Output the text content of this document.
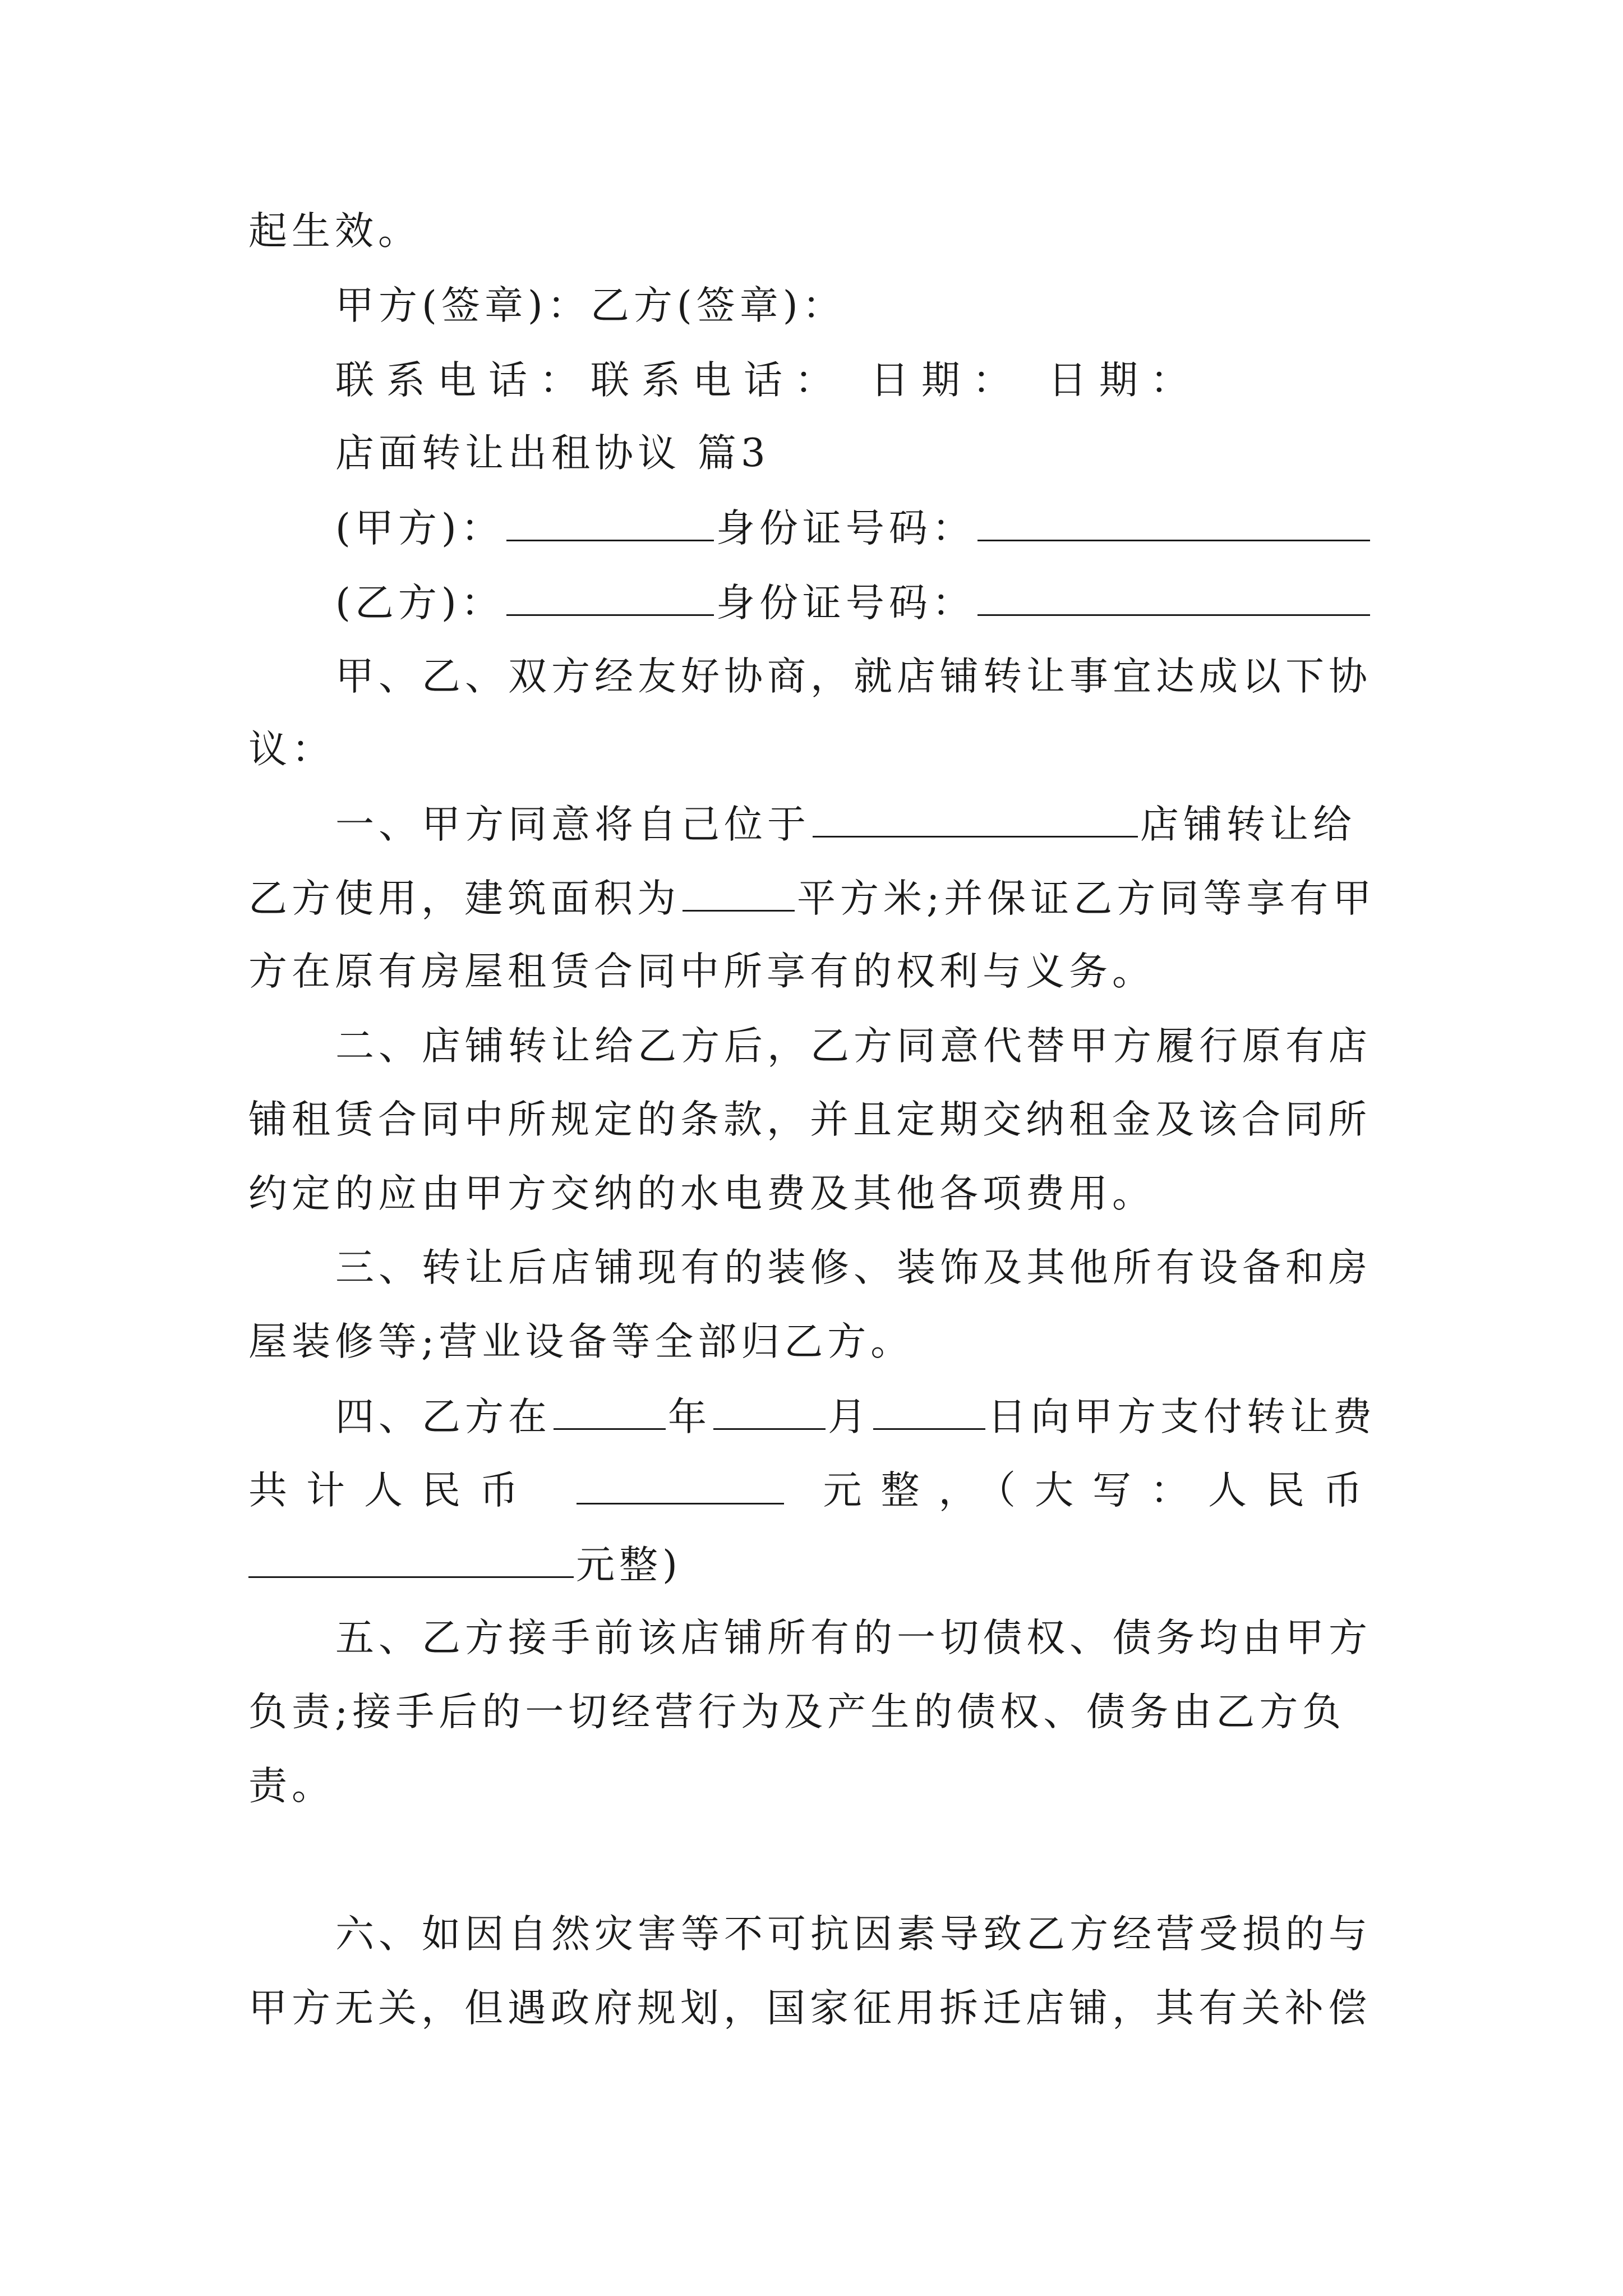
起生效。
甲方(签章)：乙方(签章)：
联系电话：联系电话： 日期： 日期：
店面转让出租协议 篇3
(甲方)：	身份证号码：
(乙方)：	身份证号码：
甲、乙、双方经友好协商，就店铺转让事宜达成以下协
议：
一、甲方同意将自己位于	店铺转让给
乙方使用，建筑面积为	平方米;并保证乙方同等享有甲
方在原有房屋租赁合同中所享有的权利与义务。
二、店铺转让给乙方后，乙方同意代替甲方履行原有店
铺租赁合同中所规定的条款，并且定期交纳租金及该合同所
约定的应由甲方交纳的水电费及其他各项费用。
三、转让后店铺现有的装修、装饰及其他所有设备和房
屋装修等;营业设备等全部归乙方。
四、乙方在	年	月	日向甲方支付转让费
共计人民币	元整，（大写：人民币
元整)
五、乙方接手前该店铺所有的一切债权、债务均由甲方
负责;接手后的一切经营行为及产生的债权、债务由乙方负
责。
六、如因自然灾害等不可抗因素导致乙方经营受损的与
甲方无关，但遇政府规划，国家征用拆迁店铺，其有关补偿
